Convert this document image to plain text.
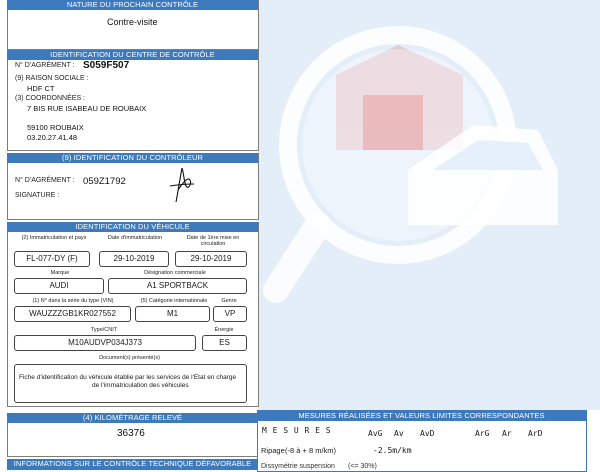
NATURE DU PROCHAIN CONTRÔLE
Contre-visite
IDENTIFICATION DU CENTRE DE CONTRÔLE
N° D'AGRÉMENT : S059F507
(9) RAISON SOCIALE :
HDF CT
(3) COORDONNÉES :
7 BIS RUE ISABEAU DE ROUBAIX
59100 ROUBAIX
03.20.27.41.48
(9) IDENTIFICATION DU CONTRÔLEUR
N° D'AGRÉMENT : 059Z1792
SIGNATURE :
IDENTIFICATION DU VÉHICULE
(2) Immatriculation et pays	Date d'immatriculation	Date de 1ère mise en circulation
FL-077-DY (F)	29-10-2019	29-10-2019
Marque	Désignation commerciale
AUDI	A1 SPORTBACK
(1) N° dans la série du type (VIN)	(5) Catégorie internationale	Genre
WAUZZZGB1KR027552	M1	VP
Type/CNIT	Énergie
M10AUDVP034J373	ES
Document(s) présenté(s)
Fiche d'identification du véhicule établie par les services de l'Etat en charge
de l'immatriculation des véhicules
(4) KILOMÉTRAGE RELEVÉ
36376
INFORMATIONS SUR LE CONTRÔLE TECHNIQUE DÉFAVORABLE
MESURES RÉALISÉES ET VALEURS LIMITES CORRESPONDANTES
M E S U R E S	AvG Av AvD	ArG Ar ArD
Ripage (-8 à + 8 m/km)	-2.5m/km
Dissymétrie suspension (<= 30%)
